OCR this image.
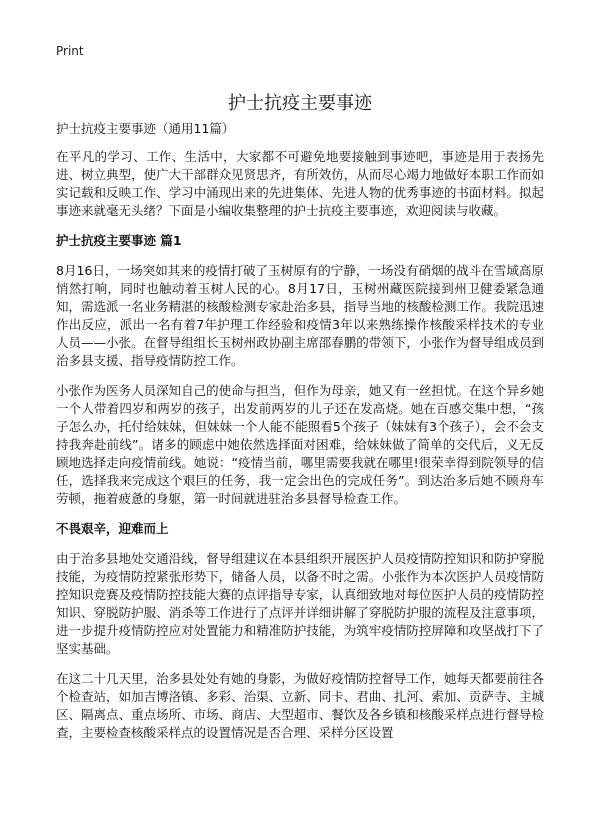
Print
护士抗疫主要事迹
护士抗疫主要事迹（通用11篇）

在平凡的学习、工作、生活中，大家都不可避免地要接触到事迹吧，事迹是用于表扬先进、树立典型，使广大干部群众见贤思齐，有所效仿，从而尽心竭力地做好本职工作而如实记载和反映工作、学习中涌现出来的先进集体、先进人物的优秀事迹的书面材料。拟起事迹来就毫无头绪？下面是小编收集整理的护士抗疫主要事迹，欢迎阅读与收藏。

护士抗疫主要事迹 篇1

8月16日，一场突如其来的疫情打破了玉树原有的宁静，一场没有硝烟的战斗在雪域高原悄然打响，同时也触动着玉树人民的心。8月17日，玉树州藏医院接到州卫健委紧急通知，需选派一名业务精湛的核酸检测专家赴治多县，指导当地的核酸检测工作。我院迅速作出反应，派出一名有着7年护理工作经验和疫情3年以来熟练操作核酸采样技术的专业人员——小张。在督导组组长玉树州政协副主席邵春鹏的带领下，小张作为督导组成员到治多县支援、指导疫情防控工作。

小张作为医务人员深知自己的使命与担当，但作为母亲，她又有一丝担忧。在这个异乡她一个人带着四岁和两岁的孩子，出发前两岁的儿子还在发高烧。她在百感交集中想，“孩子怎么办，托付给妹妹，但妹妹一个人能不能照看5个孩子（妹妹有3个孩子），会不会支持我奔赴前线”。诸多的顾虑中她依然选择面对困难，给妹妹做了简单的交代后，义无反顾地选择走向疫情前线。她说：“疫情当前，哪里需要我就在哪里!很荣幸得到院领导的信任，选择我来完成这个艰巨的任务，我一定会出色的完成任务”。到达治多后她不顾舟车劳顿，拖着疲惫的身躯，第一时间就进驻治多县督导检查工作。

不畏艰辛，迎难而上

由于治多县地处交通沿线，督导组建议在本县组织开展医护人员疫情防控知识和防护穿脱技能，为疫情防控紧张形势下，储备人员，以备不时之需。小张作为本次医护人员疫情防控知识竞赛及疫情防控技能大赛的点评指导专家，认真细致地对每位医护人员的疫情防控知识、穿脱防护服、消杀等工作进行了点评并详细讲解了穿脱防护服的流程及注意事项，进一步提升疫情防控应对处置能力和精准防护技能，为筑牢疫情防控屏障和攻坚战打下了坚实基础。

在这二十几天里，治多县处处有她的身影，为做好疫情防控督导工作，她每天都要前往各个检查站，如加吉博洛镇、多彩、治渠、立新、同卡、君曲、扎河、索加、贡萨寺、主城区、隔离点、重点场所、市场、商店、大型超市、餐饮及各乡镇和核酸采样点进行督导检查，主要检查核酸采样点的设置情况是否合理、采样分区设置
